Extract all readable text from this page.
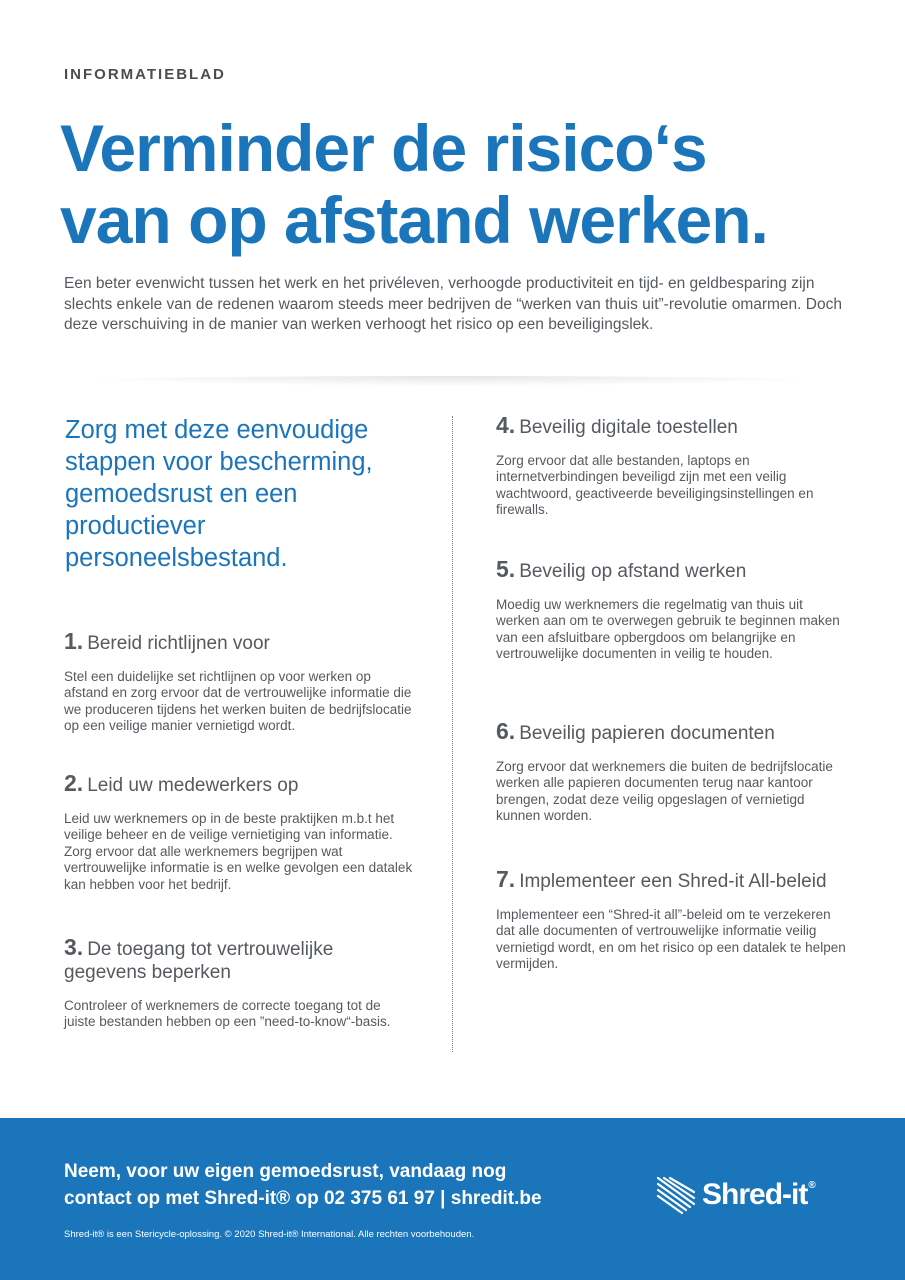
INFORMATIEBLAD
Verminder de risico‘s
van op afstand werken.

Een beter evenwicht tussen het werk en het privéleven, verhoogde productiviteit en tijd- en geldbesparing zijn slechts enkele van de redenen waarom steeds meer bedrijven de “werken van thuis uit”-revolutie omarmen. Doch deze verschuiving in de manier van werken verhoogt het risico op een beveiligingslek.

Zorg met deze eenvoudige stappen voor bescherming, gemoedsrust en een productiever personeelsbestand.

1. Bereid richtlijnen voor

Stel een duidelijke set richtlijnen op voor werken op afstand en zorg ervoor dat de vertrouwelijke informatie die we produceren tijdens het werken buiten de bedrijfslocatie op een veilige manier vernietigd wordt.

2. Leid uw medewerkers op

Leid uw werknemers op in de beste praktijken m.b.t het veilige beheer en de veilige vernietiging van informatie. Zorg ervoor dat alle werknemers begrijpen wat vertrouwelijke informatie is en welke gevolgen een datalek kan hebben voor het bedrijf.

3. De toegang tot vertrouwelijke gegevens beperken

Controleer of werknemers de correcte toegang tot de juiste bestanden hebben op een ”need-to-know“-basis.

4. Beveilig digitale toestellen

Zorg ervoor dat alle bestanden, laptops en internetverbindingen beveiligd zijn met een veilig wachtwoord, geactiveerde beveiligingsinstellingen en firewalls.

5. Beveilig op afstand werken

Moedig uw werknemers die regelmatig van thuis uit werken aan om te overwegen gebruik te beginnen maken van een afsluitbare opbergdoos om belangrijke en vertrouwelijke documenten in veilig te houden.

6. Beveilig papieren documenten

Zorg ervoor dat werknemers die buiten de bedrijfslocatie werken alle papieren documenten terug naar kantoor brengen, zodat deze veilig opgeslagen of vernietigd kunnen worden.

7. Implementeer een Shred-it All-beleid

Implementeer een “Shred-it all”-beleid om te verzekeren dat alle documenten of vertrouwelijke informatie veilig vernietigd wordt, en om het risico op een datalek te helpen vermijden.

Neem, voor uw eigen gemoedsrust, vandaag nog
contact op met Shred-it® op 02 375 61 97 | shredit.be
Shred-it® is een Stericycle-oplossing. © 2020 Shred-it® International. Alle rechten voorbehouden.
Shred-it®
